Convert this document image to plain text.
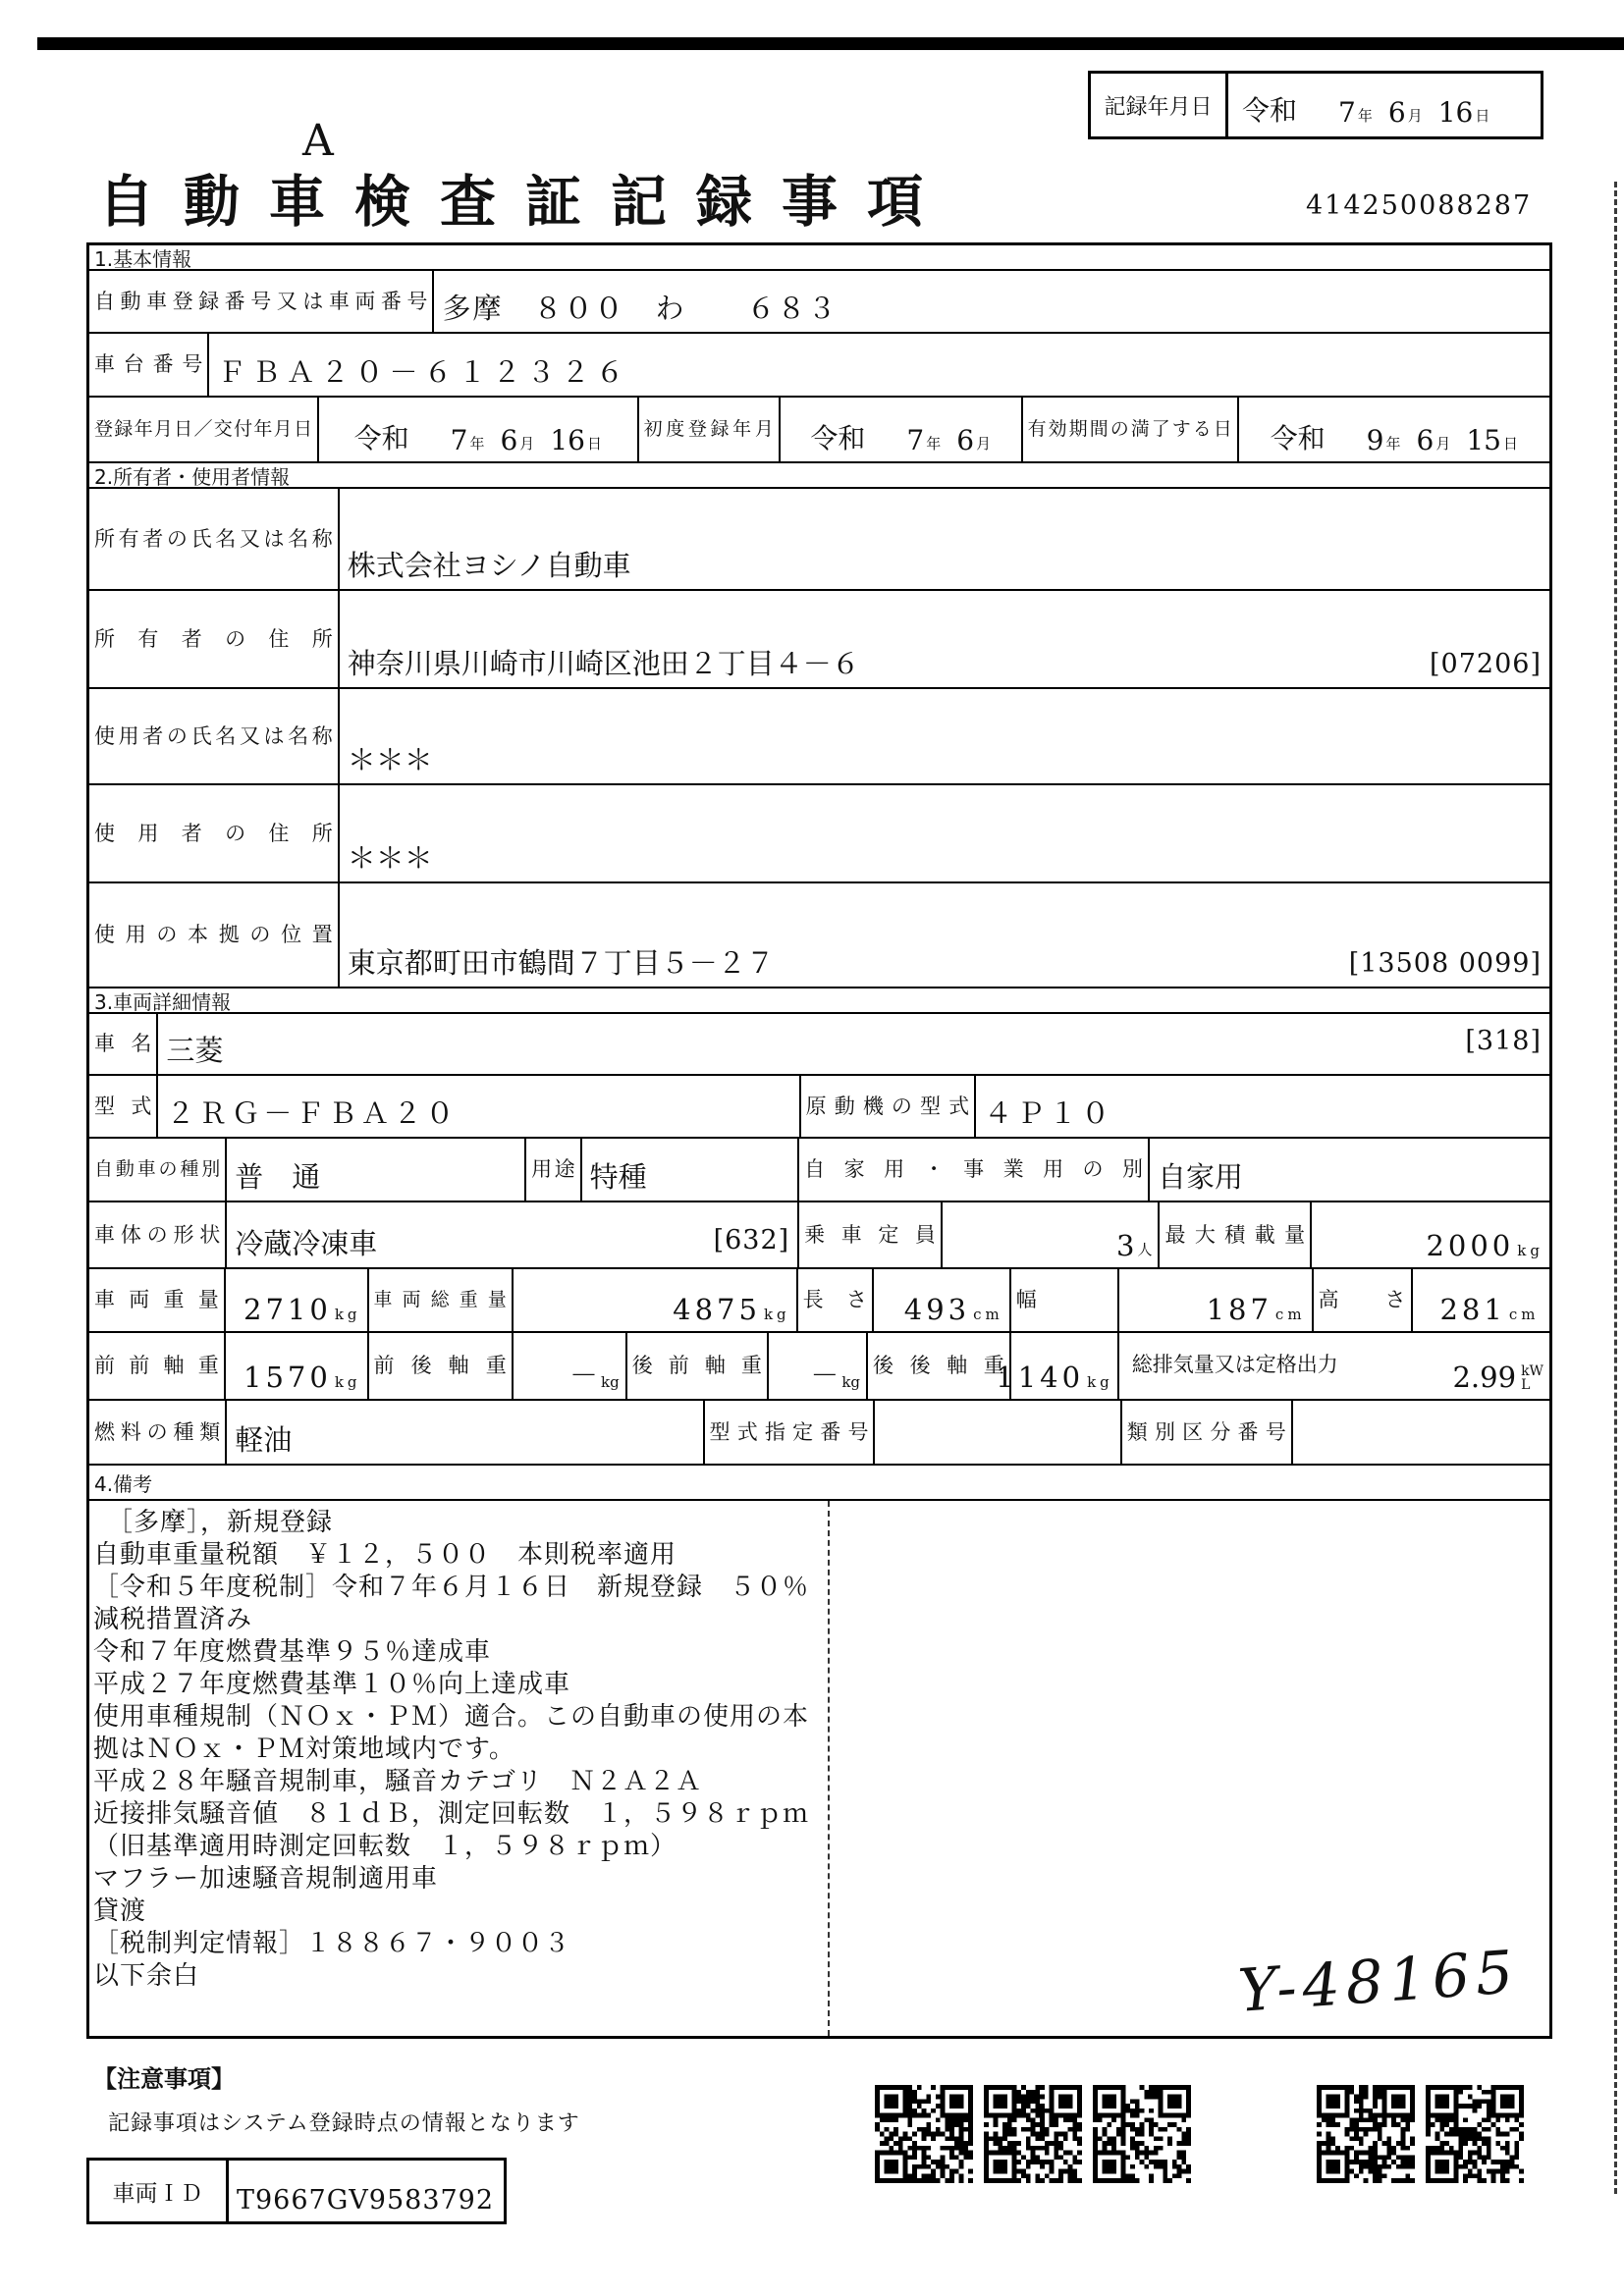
記録年月日	令和 7 年 6 月 16 日
A
自動車検査証記録事項	414250088287
1.基本情報
自動車登録番号又は車両番号 多摩　８００　わ　　６８３
車台番号 ＦＢＡ２０－６１２３２６
登録年月日／交付年月日 令和 7 年 6 月 16 日
初度登録年月 令和 7 年 6 月
有効期間の満了する日 令和 9 年 6 月 15 日
2.所有者・使用者情報
所有者の氏名又は名称
株式会社ヨシノ自動車
所有者の住所
神奈川県川崎市川崎区池田２丁目４－６	[07206]
使用者の氏名又は名称
＊＊＊
使用者の住所
＊＊＊
使用の本拠の位置
東京都町田市鶴間７丁目５－２７	[13508 0099]
3.車両詳細情報
車名 三菱	[318]
型式 ２ＲＧ－ＦＢＡ２０	原動機の型式 ４Ｐ１０
自動車の種別 普　通	用途 特種	自家用・事業用の別 自家用
車体の形状 冷蔵冷凍車	[632] 乗車定員	3 人
最大積載量	2000 kg
車両重量 2710 kg
車両総重量	4875 kg
長さ 493 cm
幅	187 cm
高さ 281 cm
前前軸重 1570 kg
前後軸重 － kg
後前軸重 － kg
後後軸重
1140 kg
総排気量又は定格出力	2.99 kW
L
燃料の種類 軽油	型式指定番号	類別区分番号
4.備考
［多摩］，新規登録
自動車重量税額　￥１２，５００　本則税率適用
［令和５年度税制］令和７年６月１６日　新規登録　５０％減税措置済み
令和７年度燃費基準９５％達成車
平成２７年度燃費基準１０％向上達成車
使用車種規制（ＮＯｘ・ＰＭ）適合。この自動車の使用の本拠はＮＯｘ・ＰＭ対策地域内です。
平成２８年騒音規制車，騒音カテゴリ　Ｎ２Ａ２Ａ
近接排気騒音値　８１ｄＢ，測定回転数　１，５９８ｒｐｍ
（旧基準適用時測定回転数　１，５９８ｒｐｍ）
マフラー加速騒音規制適用車
貸渡
［税制判定情報］１８８６７・９００３
以下余白	Y-48165
【注意事項】
記録事項はシステム登録時点の情報となります
車両ＩＤ	T9667GV9583792
